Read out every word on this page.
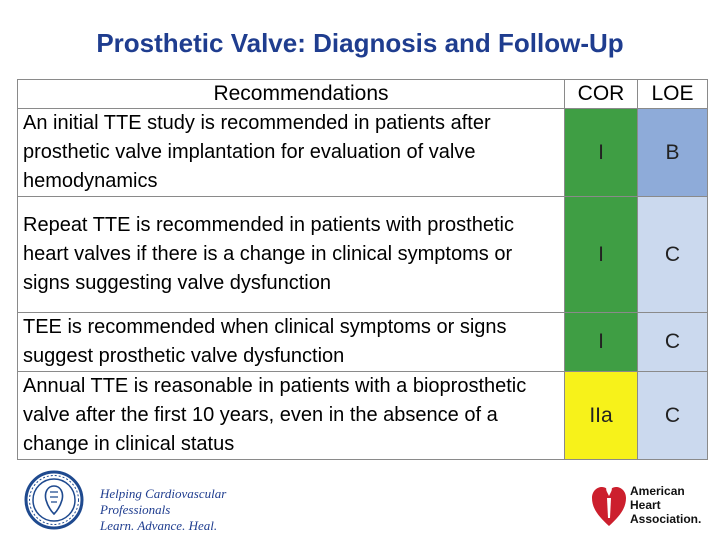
Prosthetic Valve: Diagnosis and Follow-Up
Recommendations	COR	LOE
An initial TTE study is recommended in patients after prosthetic valve implantation for evaluation of valve hemodynamics	I	B
Repeat TTE is recommended in patients with prosthetic heart valves if there is a change in clinical symptoms or signs suggesting valve dysfunction	I	C
TEE is recommended when clinical symptoms or signs suggest prosthetic valve dysfunction	I	C
Annual TTE is reasonable in patients with a bioprosthetic valve after the first 10 years, even in the absence of a change in clinical status	IIa	C
Helping Cardiovascular Professionals
Learn. Advance. Heal.
American
Heart
Association.
